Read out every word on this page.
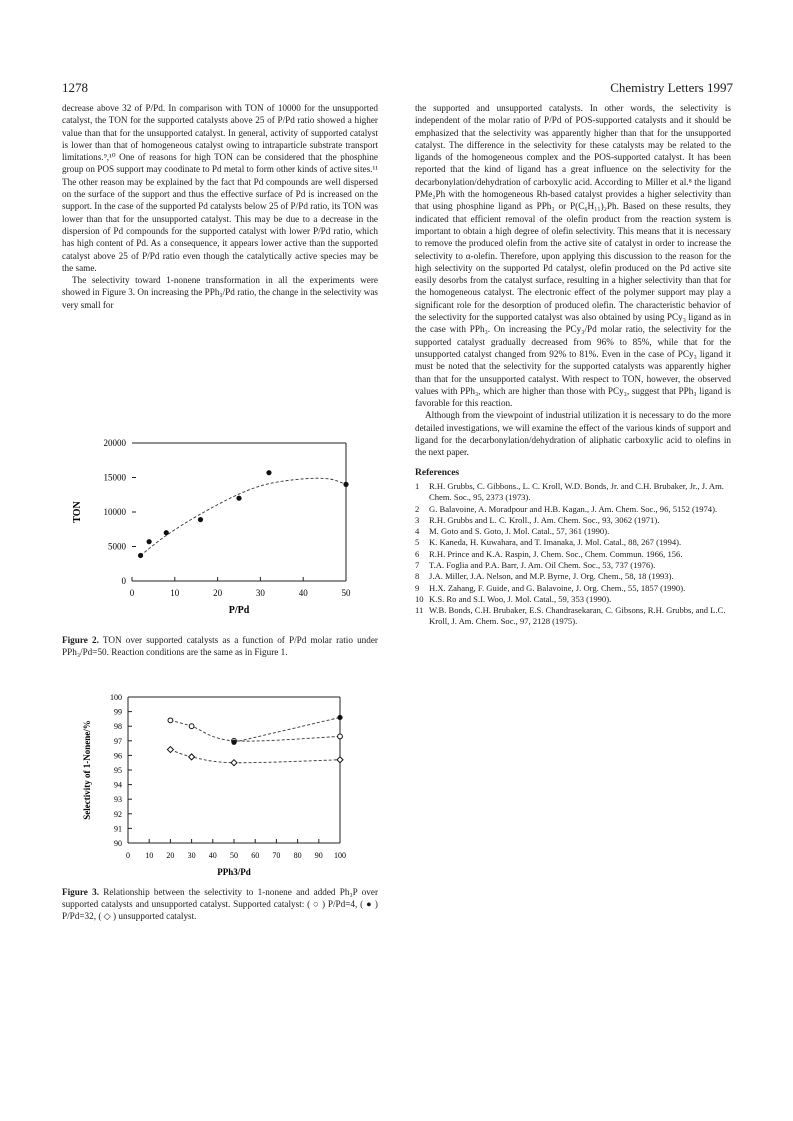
1278	Chemistry Letters 1997

decrease above 32 of P/Pd. In comparison with TON of 10000 for the unsupported catalyst, the TON for the supported catalysts above 25 of P/Pd ratio showed a higher value than that for the unsupported catalyst. In general, activity of supported catalyst is lower than that of homogeneous catalyst owing to intraparticle substrate transport limitations.⁹,¹⁰ One of reasons for high TON can be considered that the phosphine group on POS support may coodinate to Pd metal to form other kinds of active sites.¹¹ The other reason may be explained by the fact that Pd compounds are well dispersed on the surface of the support and thus the effective surface of Pd is increased on the support. In the case of the supported Pd catalysts below 25 of P/Pd ratio, its TON was lower than that for the unsupported catalyst. This may be due to a decrease in the dispersion of Pd compounds for the supported catalyst with lower P/Pd ratio, which has high content of Pd. As a consequence, it appears lower active than the supported catalyst above 25 of P/Pd ratio even though the catalytically active species may be the same.

The selectivity toward 1-nonene transformation in all the experiments were showed in Figure 3. On increasing the PPh₃/Pd ratio, the change in the selectivity was very small for

0
5000
10000
15000
20000
0	10	20	30	40	50
P/Pd
TON
Figure 2. TON over supported catalysts as a function of P/Pd molar ratio under PPh₃/Pd=50. Reaction conditions are the same as in Figure 1.
90
91
92
93
94
95
96
97
98
99
100
0 10 20 30 40 50 60 70 80 90 100
PPh3/Pd
Selectivity of 1-Nonene/%
Figure 3. Relationship between the selectivity to 1-nonene and added Ph₃P over supported catalysts and unsupported catalyst. Supported catalyst: ( ○ ) P/Pd=4, ( ● ) P/Pd=32, ( ◇ ) unsupported catalyst.

the supported and unsupported catalysts. In other words, the selectivity is independent of the molar ratio of P/Pd of POS-supported catalysts and it should be emphasized that the selectivity was apparently higher than that for the unsupported catalyst. The difference in the selectivity for these catalysts may be related to the ligands of the homogeneous complex and the POS-supported catalyst. It has been reported that the kind of ligand has a great influence on the selectivity for the decarbonylation/dehydration of carboxylic acid. According to Miller et al.⁸ the ligand PMe₂Ph with the homogeneous Rh-based catalyst provides a higher selectivity than that using phosphine ligand as PPh₃ or P(C₆H₁₁)₂Ph. Based on these results, they indicated that efficient removal of the olefin product from the reaction system is important to obtain a high degree of olefin selectivity. This means that it is necessary to remove the produced olefin from the active site of catalyst in order to increase the selectivity to α-olefin. Therefore, upon applying this discussion to the reason for the high selectivity on the supported Pd catalyst, olefin produced on the Pd active site easily desorbs from the catalyst surface, resulting in a higher selectivity than that for the homogeneous catalyst. The electronic effect of the polymer support may play a significant role for the desorption of produced olefin. The characteristic behavior of the selectivity for the supported catalyst was also obtained by using PCy₃ ligand as in the case with PPh₃. On increasing the PCy₃/Pd molar ratio, the selectivity for the supported catalyst gradually decreased from 96% to 85%, while that for the unsupported catalyst changed from 92% to 81%. Even in the case of PCy₃ ligand it must be noted that the selectivity for the supported catalysts was apparently higher than that for the unsupported catalyst. With respect to TON, however, the observed values with PPh₃, which are higher than those with PCy₃, suggest that PPh₃ ligand is favorable for this reaction.

Although from the viewpoint of industrial utilization it is necessary to do the more detailed investigations, we will examine the effect of the various kinds of support and ligand for the decarbonylation/dehydration of aliphatic carboxylic acid to olefins in the next paper.

References
1	R.H. Grubbs, C. Gibbons., L. C. Kroll, W.D. Bonds, Jr. and C.H. Brubaker, Jr., J. Am. Chem. Soc., 95, 2373 (1973).
2	G. Balavoine, A. Moradpour and H.B. Kagan., J. Am. Chem. Soc., 96, 5152 (1974).
3	R.H. Grubbs and L. C. Kroll., J. Am. Chem. Soc., 93, 3062 (1971).
4	M. Goto and S. Goto, J. Mol. Catal., 57, 361 (1990).
5	K. Kaneda, H. Kuwahara, and T. Imanaka, J. Mol. Catal., 88, 267 (1994).
6	R.H. Prince and K.A. Raspin, J. Chem. Soc., Chem. Commun. 1966, 156.
7	T.A. Foglia and P.A. Barr, J. Am. Oil Chem. Soc., 53, 737 (1976).
8	J.A. Miller, J.A. Nelson, and M.P. Byrne, J. Org. Chem., 58, 18 (1993).
9	H.X. Zahang, F. Guide, and G. Balavoine, J. Org. Chem., 55, 1857 (1990).
10 K.S. Ro and S.I. Woo, J. Mol. Catal., 59, 353 (1990).
11 W.B. Bonds, C.H. Brubaker, E.S. Chandrasekaran, C. Gibsons, R.H. Grubbs, and L.C. Kroll, J. Am. Chem. Soc., 97, 2128 (1975).
